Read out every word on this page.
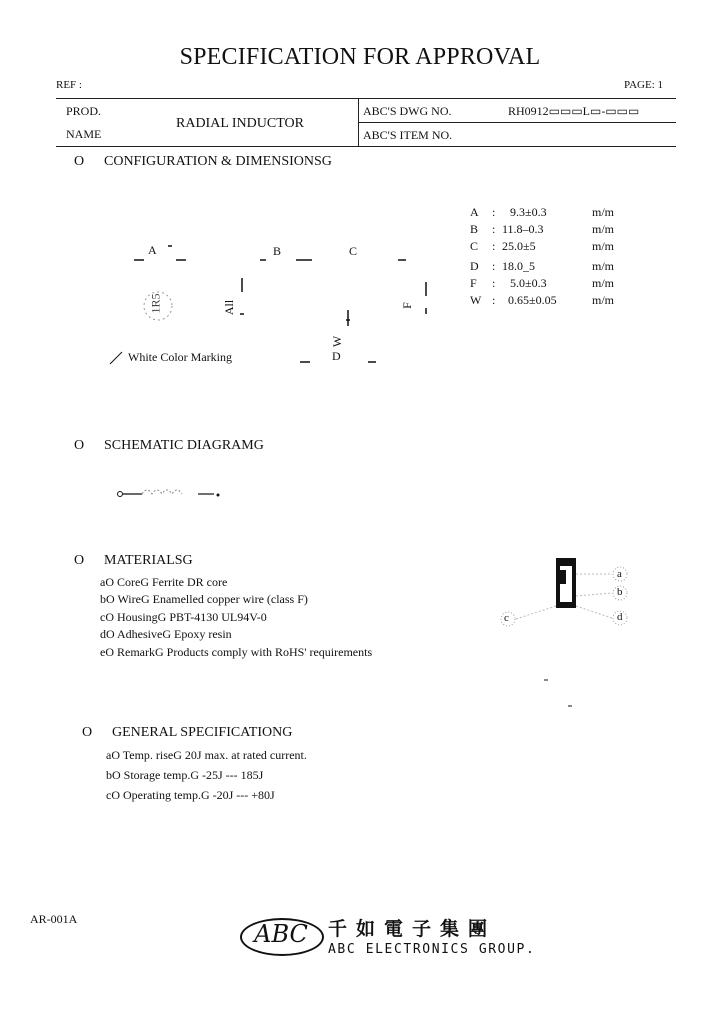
SPECIFICATION FOR APPROVAL
REF :	PAGE: 1
PROD.
NAME
RADIAL INDUCTOR
ABC'S DWG NO.	RH0912▭▭▭L▭-▭▭▭
ABC'S ITEM NO.
O CONFIGURATION & DIMENSIONSG
A	B	C
D
F
W
All
1R5
White Color Marking
A : 9.3±0.3	m/m
B : 11.8–0.3	m/m
C : 25.0±5	m/m
D : 18.0_5	m/m
F : 5.0±0.3	m/m
W : 0.65±0.05	m/m
O SCHEMATIC DIAGRAMG
O MATERIALSG
aO CoreG Ferrite DR core
bO WireG Enamelled copper wire (class F)
cO HousingG PBT-4130 UL94V-0
dO AdhesiveG Epoxy resin
eO RemarkG Products comply with RoHS' requirements
a
b
c	d
O GENERAL SPECIFICATIONG
aO Temp. riseG 20J max. at rated current.
bO Storage temp.G -25J --- 185J
cO Operating temp.G -20J --- +80J
AR-001A
ABC 千如電子集團
ABC ELECTRONICS GROUP.
